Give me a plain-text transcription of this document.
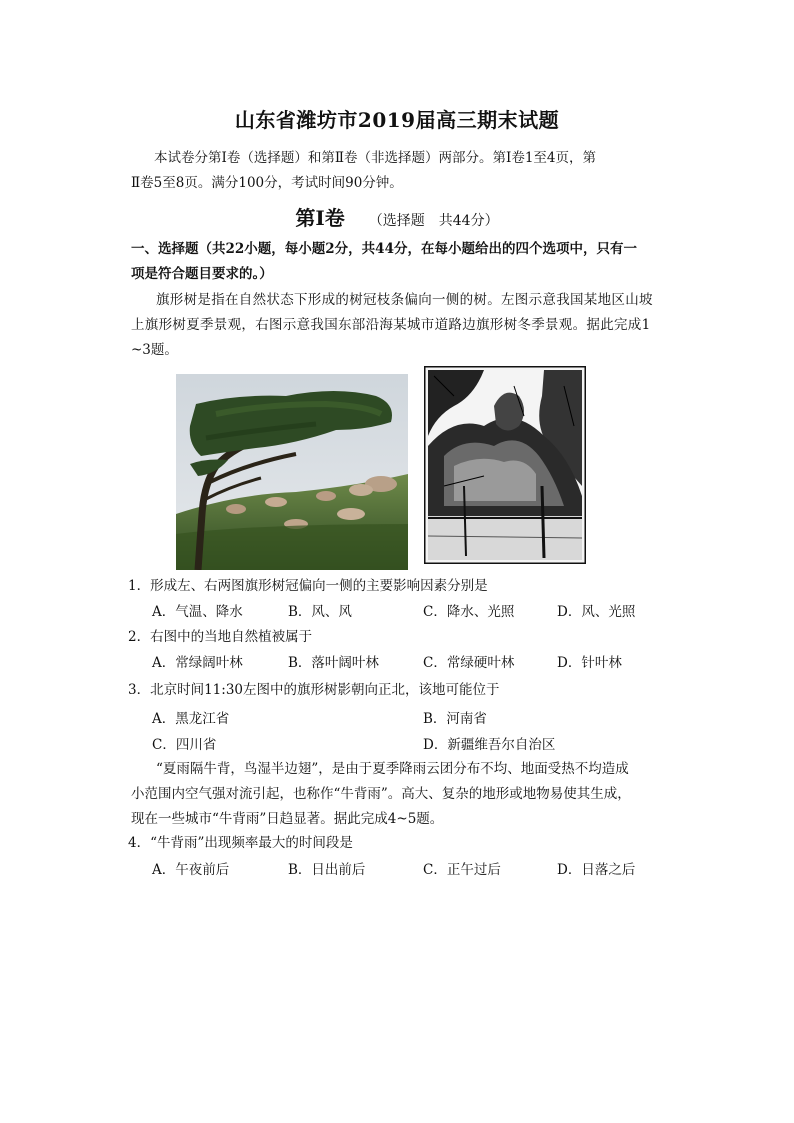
山东省潍坊市2019届高三期末试题
本试卷分第Ⅰ卷（选择题）和第Ⅱ卷（非选择题）两部分。第Ⅰ卷1至4页，第
Ⅱ卷5至8页。满分100分，考试时间90分钟。
第Ⅰ卷 （选择题　共44分）
一、选择题（共22小题，每小题2分，共44分，在每小题给出的四个选项中，只有一
项是符合题目要求的。）
旗形树是指在自然状态下形成的树冠枝条偏向一侧的树。左图示意我国某地区山坡
上旗形树夏季景观，右图示意我国东部沿海某城市道路边旗形树冬季景观。据此完成1
~3题。
1．形成左、右两图旗形树冠偏向一侧的主要影响因素分别是
A．气温、降水	B．风、风	C．降水、光照	D．风、光照
2．右图中的当地自然植被属于
A．常绿阔叶林	B．落叶阔叶林	C．常绿硬叶林	D．针叶林
3．北京时间11:30左图中的旗形树影朝向正北，该地可能位于
A．黑龙江省	B．河南省
C．四川省	D．新疆维吾尔自治区
“夏雨隔牛背，鸟湿半边翅”，是由于夏季降雨云团分布不均、地面受热不均造成
小范围内空气强对流引起，也称作“牛背雨”。高大、复杂的地形或地物易使其生成，
现在一些城市“牛背雨”日趋显著。据此完成4~5题。
4．“牛背雨”出现频率最大的时间段是
A．午夜前后	B．日出前后	C．正午过后	D．日落之后
